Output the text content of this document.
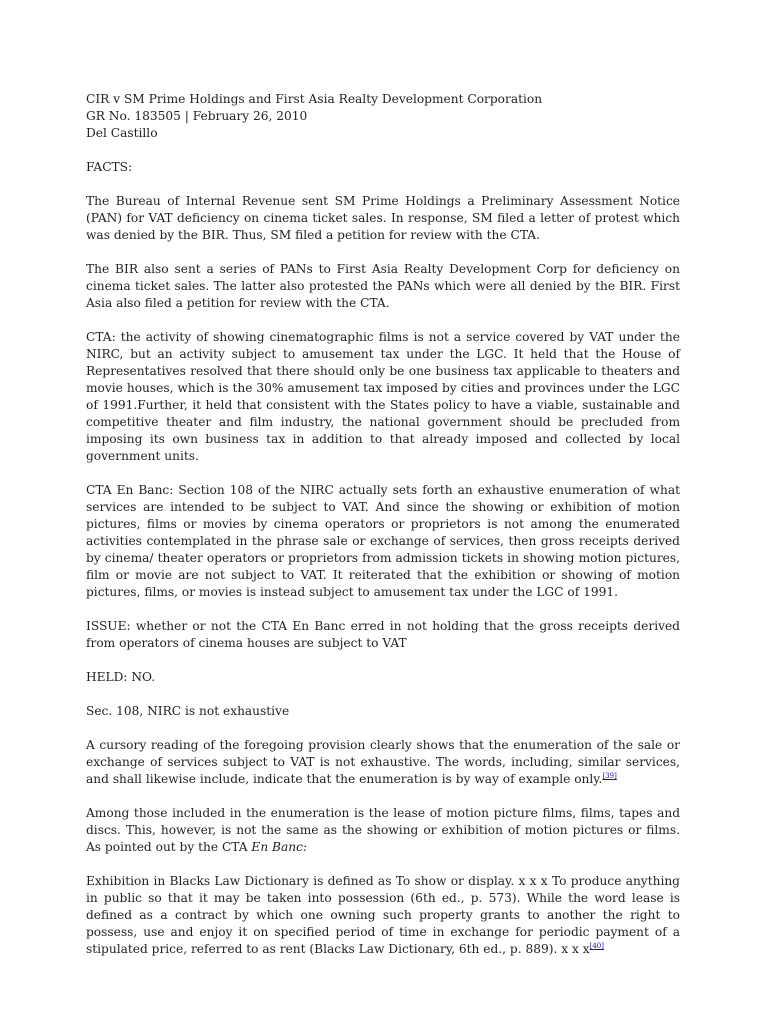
CIR v SM Prime Holdings and First Asia Realty Development Corporation
GR No. 183505 | February 26, 2010
Del Castillo

FACTS:

The Bureau of Internal Revenue sent SM Prime Holdings a Preliminary Assessment Notice (PAN) for VAT deficiency on cinema ticket sales. In response, SM filed a letter of protest which was denied by the BIR. Thus, SM filed a petition for review with the CTA.

The BIR also sent a series of PANs to First Asia Realty Development Corp for deficiency on cinema ticket sales. The latter also protested the PANs which were all denied by the BIR. First Asia also filed a petition for review with the CTA.

CTA: the activity of showing cinematographic films is not a service covered by VAT under the NIRC, but an activity subject to amusement tax under the LGC. It held that the House of Representatives resolved that there should only be one business tax applicable to theaters and movie houses, which is the 30% amusement tax imposed by cities and provinces under the LGC of 1991.Further, it held that consistent with the States policy to have a viable, sustainable and competitive theater and film industry, the national government should be precluded from imposing its own business tax in addition to that already imposed and collected by local government units.

CTA En Banc: Section 108 of the NIRC actually sets forth an exhaustive enumeration of what services are intended to be subject to VAT. And since the showing or exhibition of motion pictures, films or movies by cinema operators or proprietors is not among the enumerated activities contemplated in the phrase sale or exchange of services, then gross receipts derived by cinema/ theater operators or proprietors from admission tickets in showing motion pictures, film or movie are not subject to VAT. It reiterated that the exhibition or showing of motion pictures, films, or movies is instead subject to amusement tax under the LGC of 1991.

ISSUE: whether or not the CTA En Banc erred in not holding that the gross receipts derived from operators of cinema houses are subject to VAT

HELD: NO.

Sec. 108, NIRC is not exhaustive

A cursory reading of the foregoing provision clearly shows that the enumeration of the sale or exchange of services subject to VAT is not exhaustive. The words, including, similar services, and shall likewise include, indicate that the enumeration is by way of example only.[39]

Among those included in the enumeration is the lease of motion picture films, films, tapes and discs. This, however, is not the same as the showing or exhibition of motion pictures or films. As pointed out by the CTA En Banc:

Exhibition in Blacks Law Dictionary is defined as To show or display. x x x To produce anything in public so that it may be taken into possession (6th ed., p. 573). While the word lease is defined as a contract by which one owning such property grants to another the right to possess, use and enjoy it on specified period of time in exchange for periodic payment of a stipulated price, referred to as rent (Blacks Law Dictionary, 6th ed., p. 889). x x x[40]
